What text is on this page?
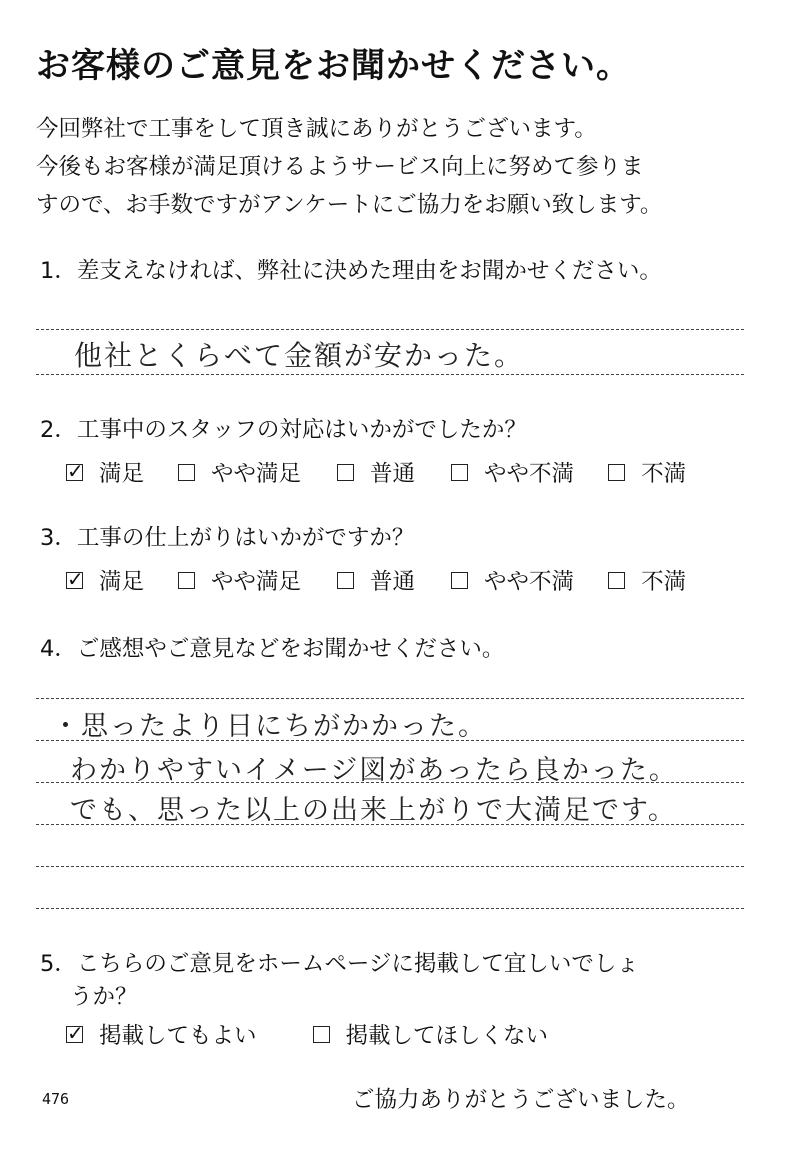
お客様のご意見をお聞かせください。
今回弊社で工事をして頂き誠にありがとうございます。
今後もお客様が満足頂けるようサービス向上に努めて参りま
すので、お手数ですがアンケートにご協力をお願い致します。
1．差支えなければ、弊社に決めた理由をお聞かせください。
他社とくらべて金額が安かった。
2．工事中のスタッフの対応はいかがでしたか？
✓ 満足	やや満足	普通	やや不満	不満
3．工事の仕上がりはいかがですか？
✓ 満足	やや満足	普通	やや不満	不満
4．ご感想やご意見などをお聞かせください。
・思ったより日にちがかかった。
わかりやすいイメージ図があったら良かった。
でも、思った以上の出来上がりで大満足です。
5．こちらのご意見をホームページに掲載して宜しいでしょ
うか？
✓ 掲載してもよい	掲載してほしくない
476	ご協力ありがとうございました。
